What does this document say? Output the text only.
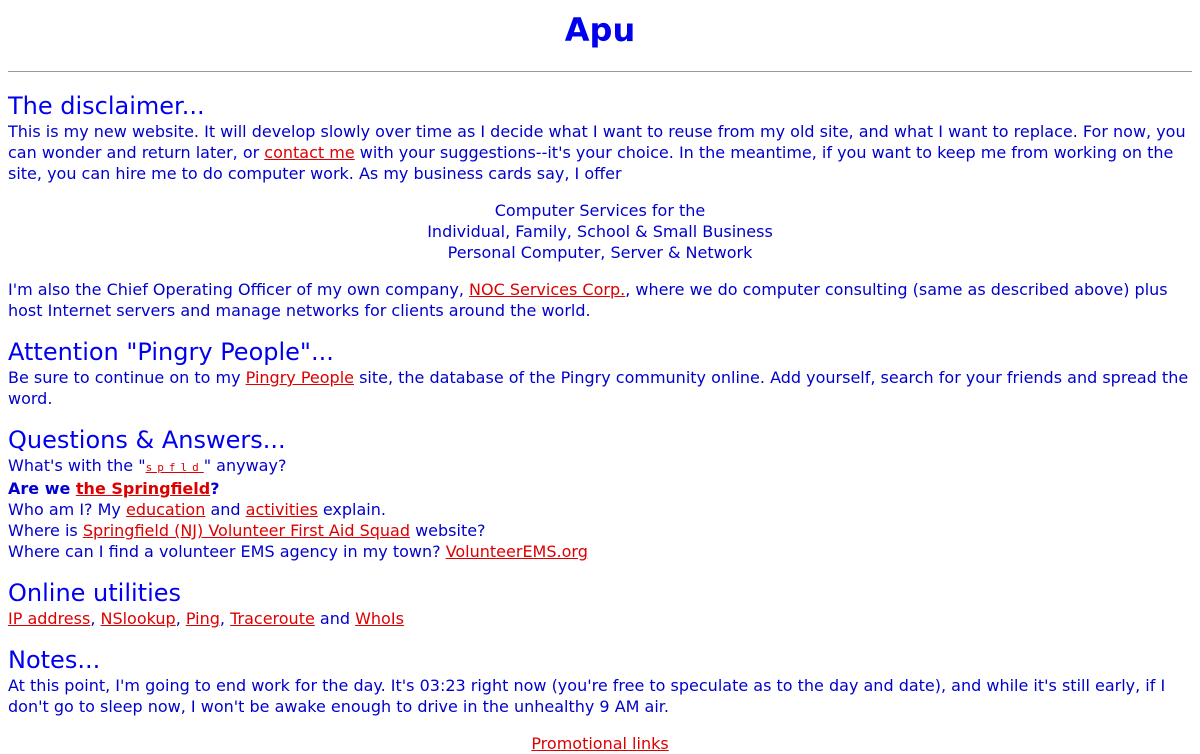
Apu
The disclaimer...

This is my new website. It will develop slowly over time as I decide what I want to reuse from my old site, and what I want to replace. For now, you can wonder and return later, or contact me with your suggestions--it's your choice. In the meantime, if you want to keep me from working on the site, you can hire me to do computer work. As my business cards say, I offer

Computer Services for the
Individual, Family, School & Small Business
Personal Computer, Server & Network

I'm also the Chief Operating Officer of my own company, NOC Services Corp., where we do computer consulting (same as described above) plus host Internet servers and manage networks for clients around the world.

Attention "Pingry People"...

Be sure to continue on to my Pingry People site, the database of the Pingry community online. Add yourself, search for your friends and spread the word.

Questions & Answers...
What's with the "spfld" anyway?
Are we the Springfield?
Who am I? My education and activities explain.
Where is Springfield (NJ) Volunteer First Aid Squad website?
Where can I find a volunteer EMS agency in my town? VolunteerEMS.org
Online utilities
IP address, NSlookup, Ping, Traceroute and WhoIs
Notes...

At this point, I'm going to end work for the day. It's 03:23 right now (you're free to speculate as to the day and date), and while it's still early, if I don't go to sleep now, I won't be awake enough to drive in the unhealthy 9 AM air.

Promotional links
